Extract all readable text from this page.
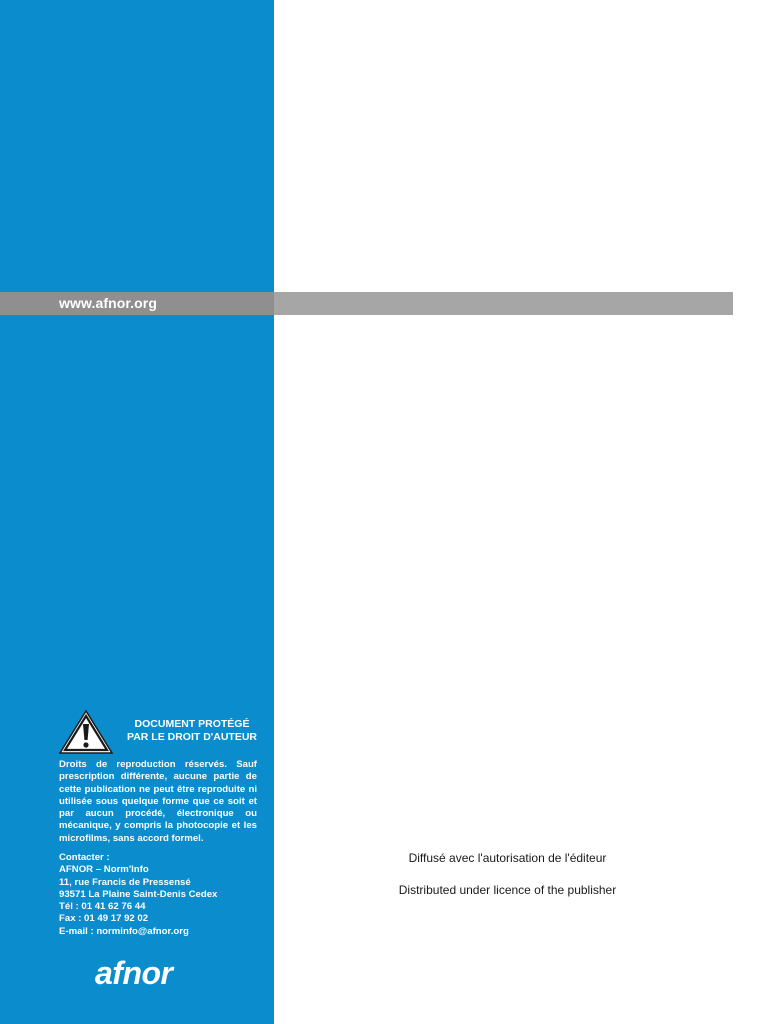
www.afnor.org
DOCUMENT PROTÉGÉ
PAR LE DROIT D'AUTEUR
Droits de reproduction réservés. Sauf prescription différente, aucune partie de cette publication ne peut être reproduite ni utilisée sous quelque forme que ce soit et par aucun procédé, électronique ou mécanique, y compris la photocopie et les microfilms, sans accord formel.
Contacter :
AFNOR – Norm'Info
11, rue Francis de Pressensé
93571 La Plaine Saint-Denis Cedex
Tél : 01 41 62 76 44
Fax : 01 49 17 92 02
E-mail : norminfo@afnor.org
afnor
Diffusé avec l'autorisation de l'éditeur
Distributed under licence of the publisher
